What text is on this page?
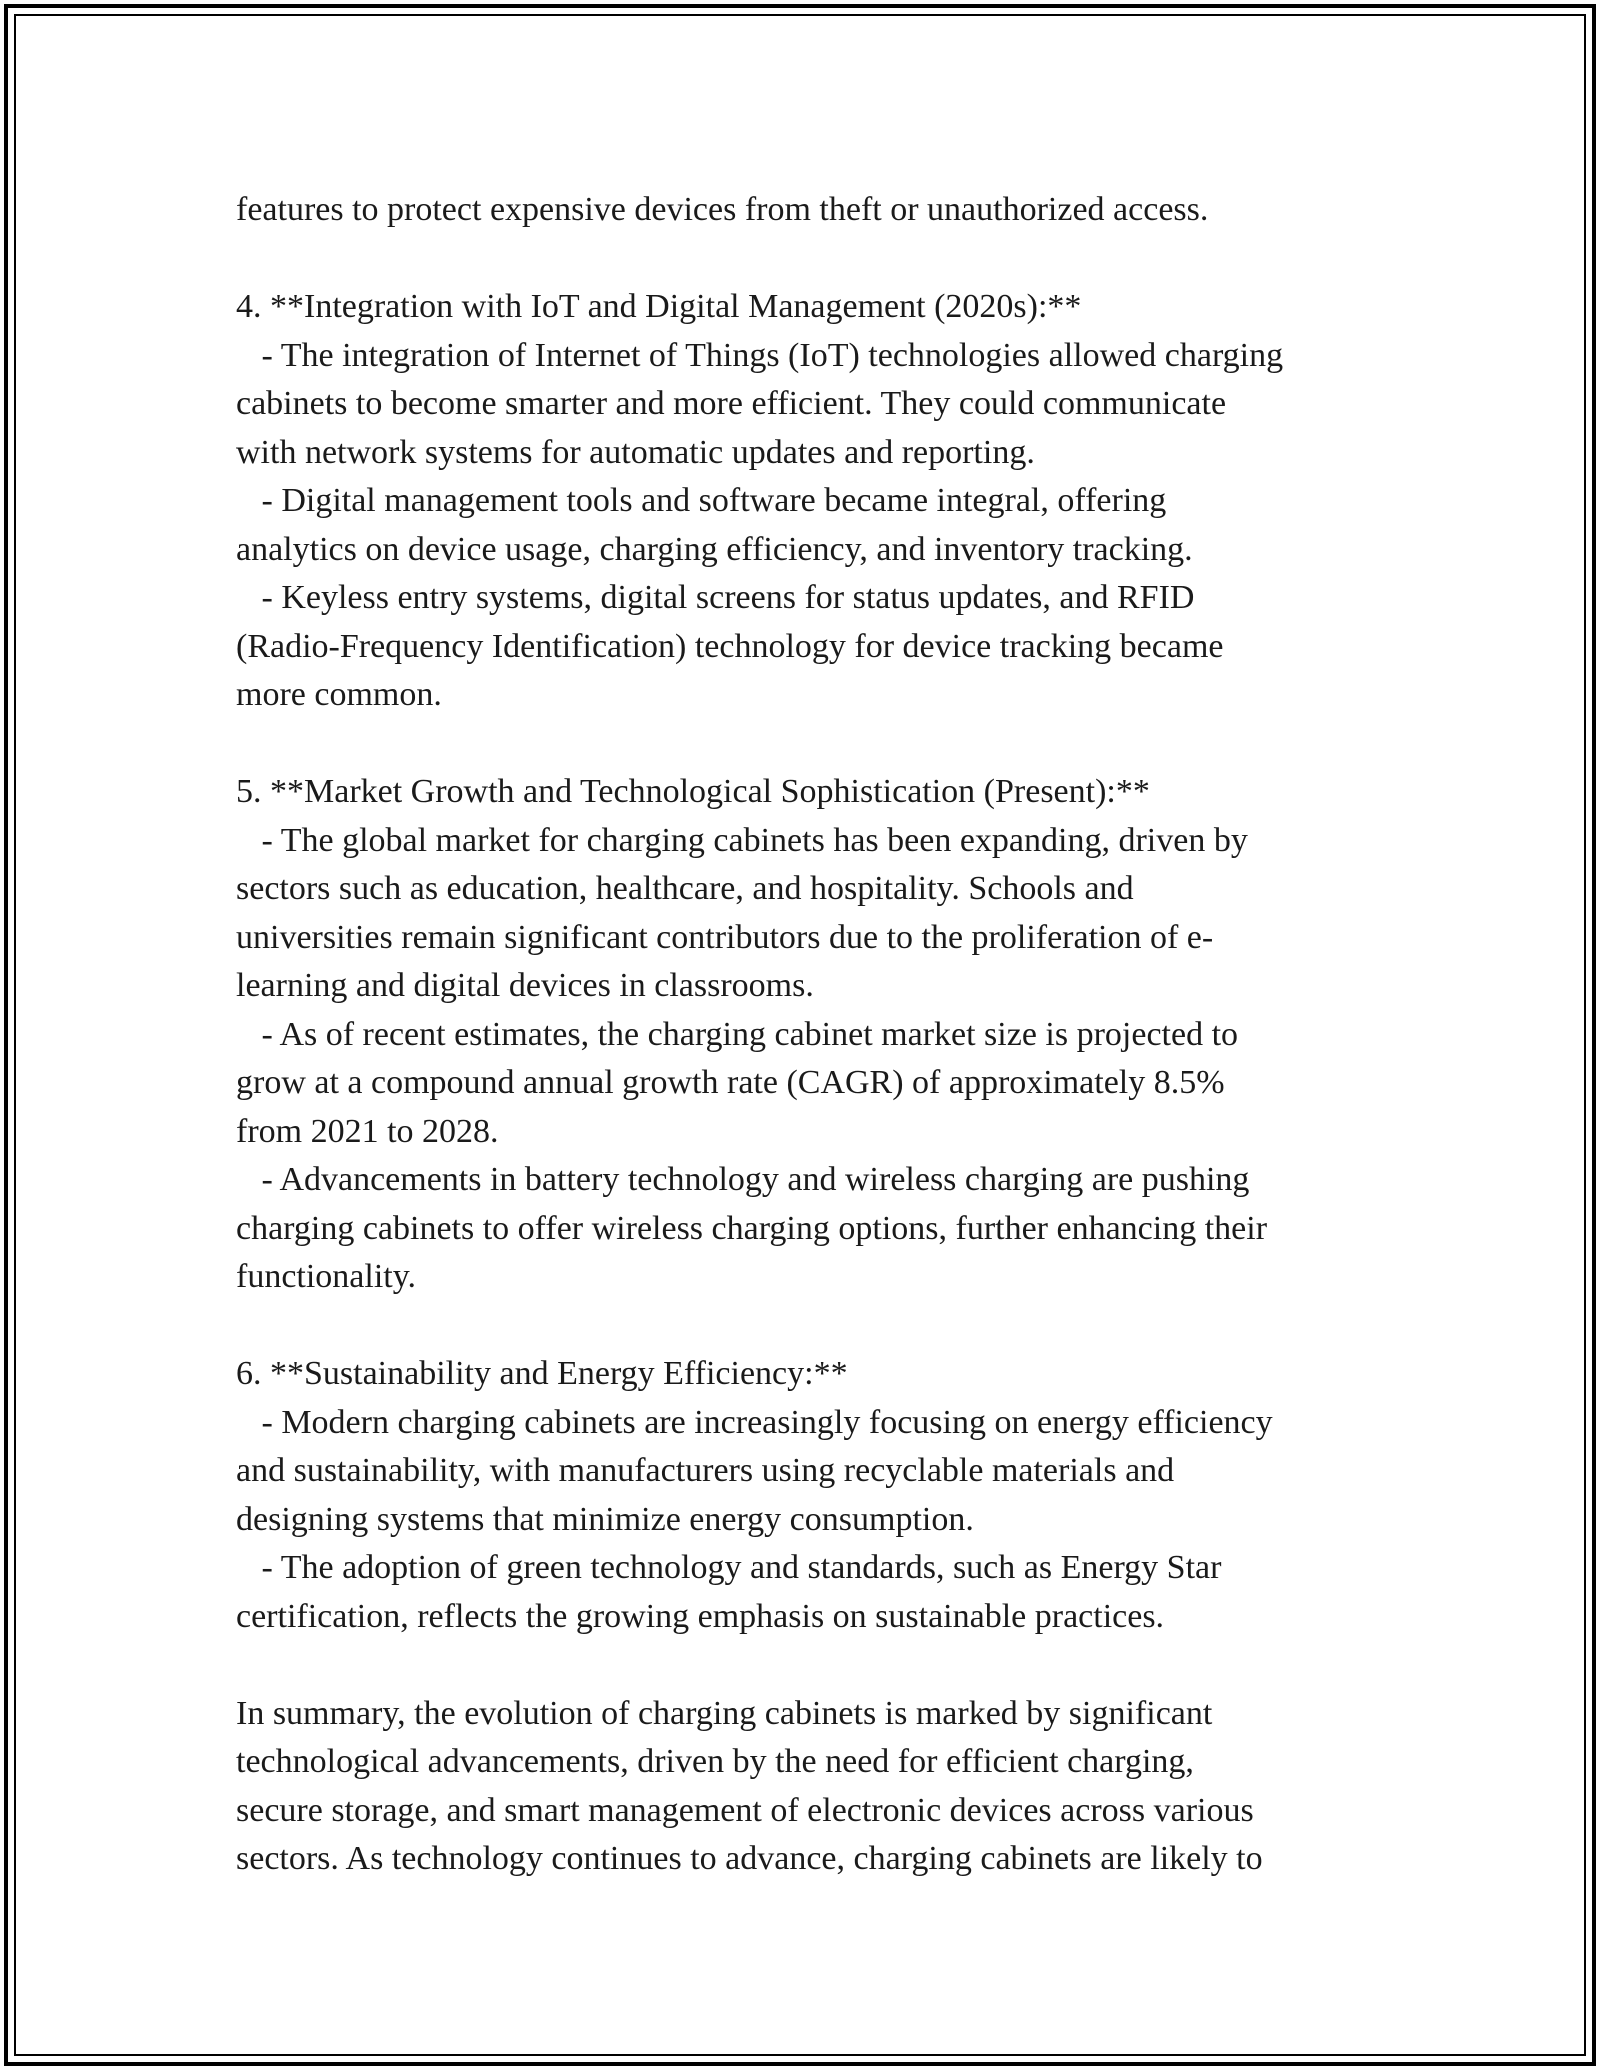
features to protect expensive devices from theft or unauthorized access.
4. **Integration with IoT and Digital Management (2020s):**
- The integration of Internet of Things (IoT) technologies allowed charging
cabinets to become smarter and more efficient. They could communicate
with network systems for automatic updates and reporting.
- Digital management tools and software became integral, offering
analytics on device usage, charging efficiency, and inventory tracking.
- Keyless entry systems, digital screens for status updates, and RFID
(Radio-Frequency Identification) technology for device tracking became
more common.
5. **Market Growth and Technological Sophistication (Present):**
- The global market for charging cabinets has been expanding, driven by
sectors such as education, healthcare, and hospitality. Schools and
universities remain significant contributors due to the proliferation of e-
learning and digital devices in classrooms.
- As of recent estimates, the charging cabinet market size is projected to
grow at a compound annual growth rate (CAGR) of approximately 8.5%
from 2021 to 2028.
- Advancements in battery technology and wireless charging are pushing
charging cabinets to offer wireless charging options, further enhancing their
functionality.
6. **Sustainability and Energy Efficiency:**
- Modern charging cabinets are increasingly focusing on energy efficiency
and sustainability, with manufacturers using recyclable materials and
designing systems that minimize energy consumption.
- The adoption of green technology and standards, such as Energy Star
certification, reflects the growing emphasis on sustainable practices.
In summary, the evolution of charging cabinets is marked by significant
technological advancements, driven by the need for efficient charging,
secure storage, and smart management of electronic devices across various
sectors. As technology continues to advance, charging cabinets are likely to
